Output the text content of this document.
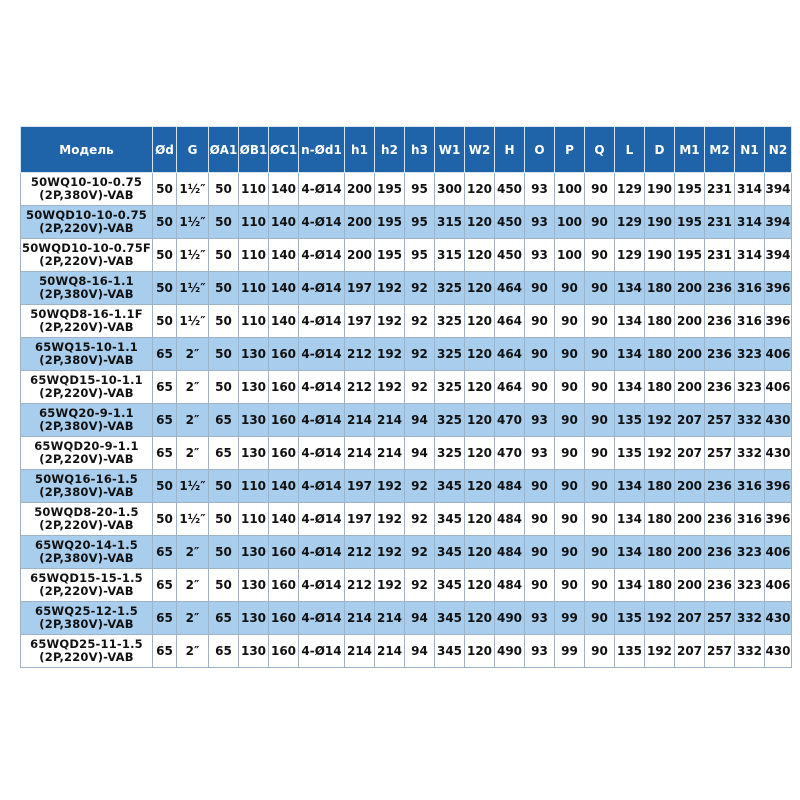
Модель	Ød	G	ØA1	ØB1	ØC1	n-Ød1	h1	h2	h3	W1	W2	H	O	P	Q	L	D	M1	M2	N1	N2

50WQ10-10-0.75
(2P,380V)-VAB	50	1½″	50	110	140	4-Ø14	200	195	95	300	120	450	93	100	90	129	190	195	231	314	394

50WQD10-10-0.75
(2P,220V)-VAB	50	1½″	50	110	140	4-Ø14	200	195	95	315	120	450	93	100	90	129	190	195	231	314	394

50WQD10-10-0.75F
(2P,220V)-VAB	50	1½″	50	110	140	4-Ø14	200	195	95	315	120	450	93	100	90	129	190	195	231	314	394

50WQ8-16-1.1
(2P,380V)-VAB	50	1½″	50	110	140	4-Ø14	197	192	92	325	120	464	90	90	90	134	180	200	236	316	396

50WQD8-16-1.1F
(2P,220V)-VAB	50	1½″	50	110	140	4-Ø14	197	192	92	325	120	464	90	90	90	134	180	200	236	316	396

65WQ15-10-1.1
(2P,380V)-VAB	65	2″	50	130	160	4-Ø14	212	192	92	325	120	464	90	90	90	134	180	200	236	323	406

65WQD15-10-1.1
(2P,220V)-VAB	65	2″	50	130	160	4-Ø14	212	192	92	325	120	464	90	90	90	134	180	200	236	323	406

65WQ20-9-1.1
(2P,380V)-VAB	65	2″	65	130	160	4-Ø14	214	214	94	325	120	470	93	90	90	135	192	207	257	332	430

65WQD20-9-1.1
(2P,220V)-VAB	65	2″	65	130	160	4-Ø14	214	214	94	325	120	470	93	90	90	135	192	207	257	332	430

50WQ16-16-1.5
(2P,380V)-VAB	50	1½″	50	110	140	4-Ø14	197	192	92	345	120	484	90	90	90	134	180	200	236	316	396

50WQD8-20-1.5
(2P,220V)-VAB	50	1½″	50	110	140	4-Ø14	197	192	92	345	120	484	90	90	90	134	180	200	236	316	396

65WQ20-14-1.5
(2P,380V)-VAB	65	2″	50	130	160	4-Ø14	212	192	92	345	120	484	90	90	90	134	180	200	236	323	406

65WQD15-15-1.5
(2P,220V)-VAB	65	2″	50	130	160	4-Ø14	212	192	92	345	120	484	90	90	90	134	180	200	236	323	406

65WQ25-12-1.5
(2P,380V)-VAB	65	2″	65	130	160	4-Ø14	214	214	94	345	120	490	93	99	90	135	192	207	257	332	430

65WQD25-11-1.5
(2P,220V)-VAB	65	2″	65	130	160	4-Ø14	214	214	94	345	120	490	93	99	90	135	192	207	257	332	430
